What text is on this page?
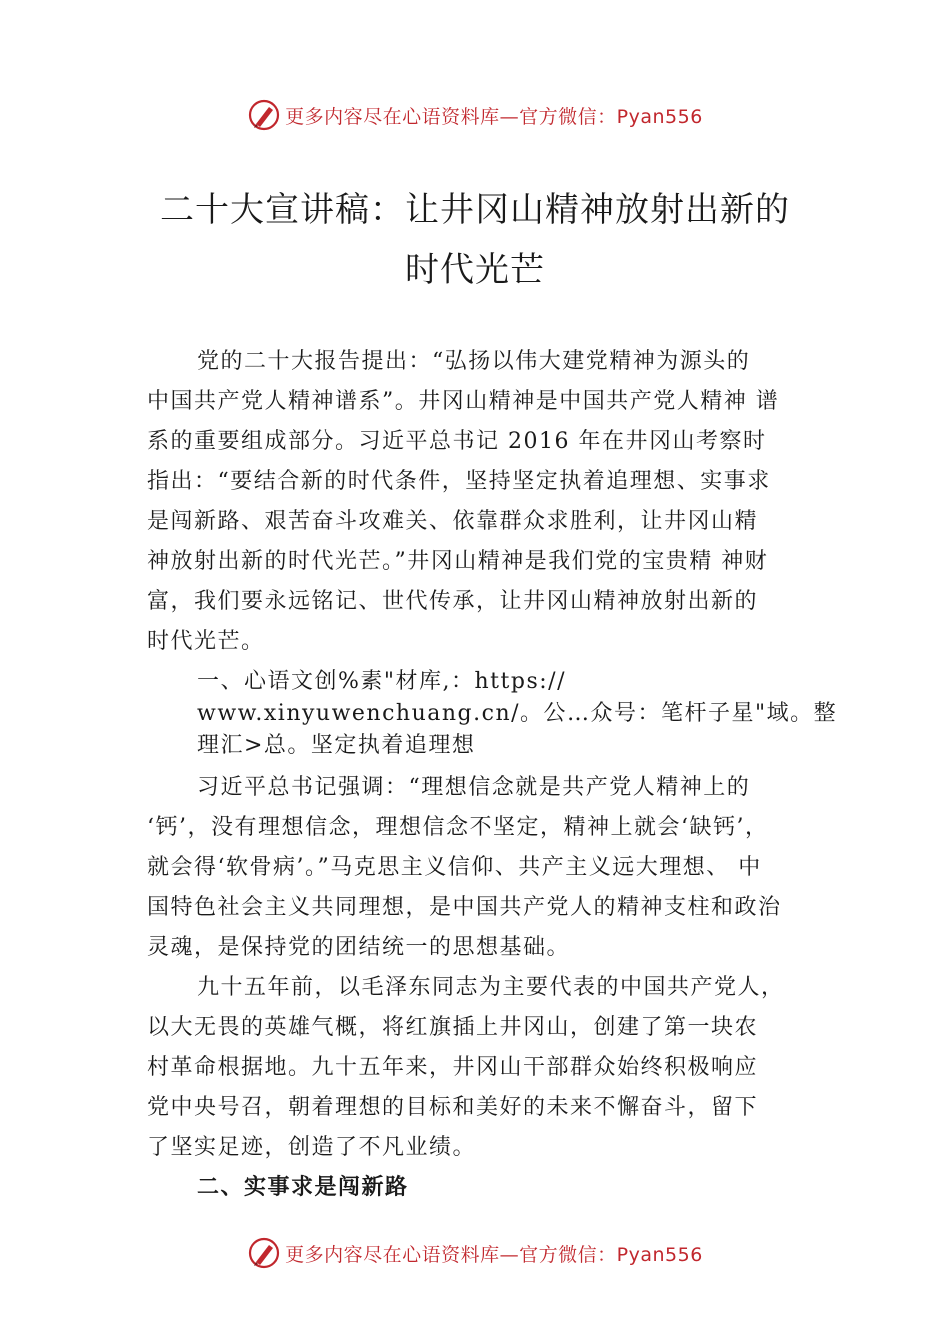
更多内容尽在心语资料库—官方微信：Pyan556
二十大宣讲稿：让井冈山精神放射出新的
时代光芒

党的二十大报告提出：“弘扬以伟大建党精神为源头的
中国共产党人精神谱系”。井冈山精神是中国共产党人精神 谱
系的重要组成部分。习近平总书记 2016 年在井冈山考察时
指出：“要结合新的时代条件，坚持坚定执着追理想、实事求
是闯新路、艰苦奋斗攻难关、依靠群众求胜利，让井冈山精
神放射出新的时代光芒。”井冈山精神是我们党的宝贵精 神财
富，我们要永远铭记、世代传承，让井冈山精神放射出新的
时代光芒。

一、心语文创%素"材库,：https://
www.xinyuwenchuang.cn/。公…众号：笔杆子星"域。整
理汇>总。坚定执着追理想

习近平总书记强调：“理想信念就是共产党人精神上的
‘钙’，没有理想信念，理想信念不坚定，精神上就会‘缺钙’，
就会得‘软骨病’。”马克思主义信仰、共产主义远大理想、 中
国特色社会主义共同理想，是中国共产党人的精神支柱和政治
灵魂，是保持党的团结统一的思想基础。

九十五年前，以毛泽东同志为主要代表的中国共产党人，
以大无畏的英雄气概，将红旗插上井冈山，创建了第一块农
村革命根据地。九十五年来，井冈山干部群众始终积极响应
党中央号召，朝着理想的目标和美好的未来不懈奋斗，留下
了坚实足迹，创造了不凡业绩。

二、实事求是闯新路

更多内容尽在心语资料库—官方微信：Pyan556
